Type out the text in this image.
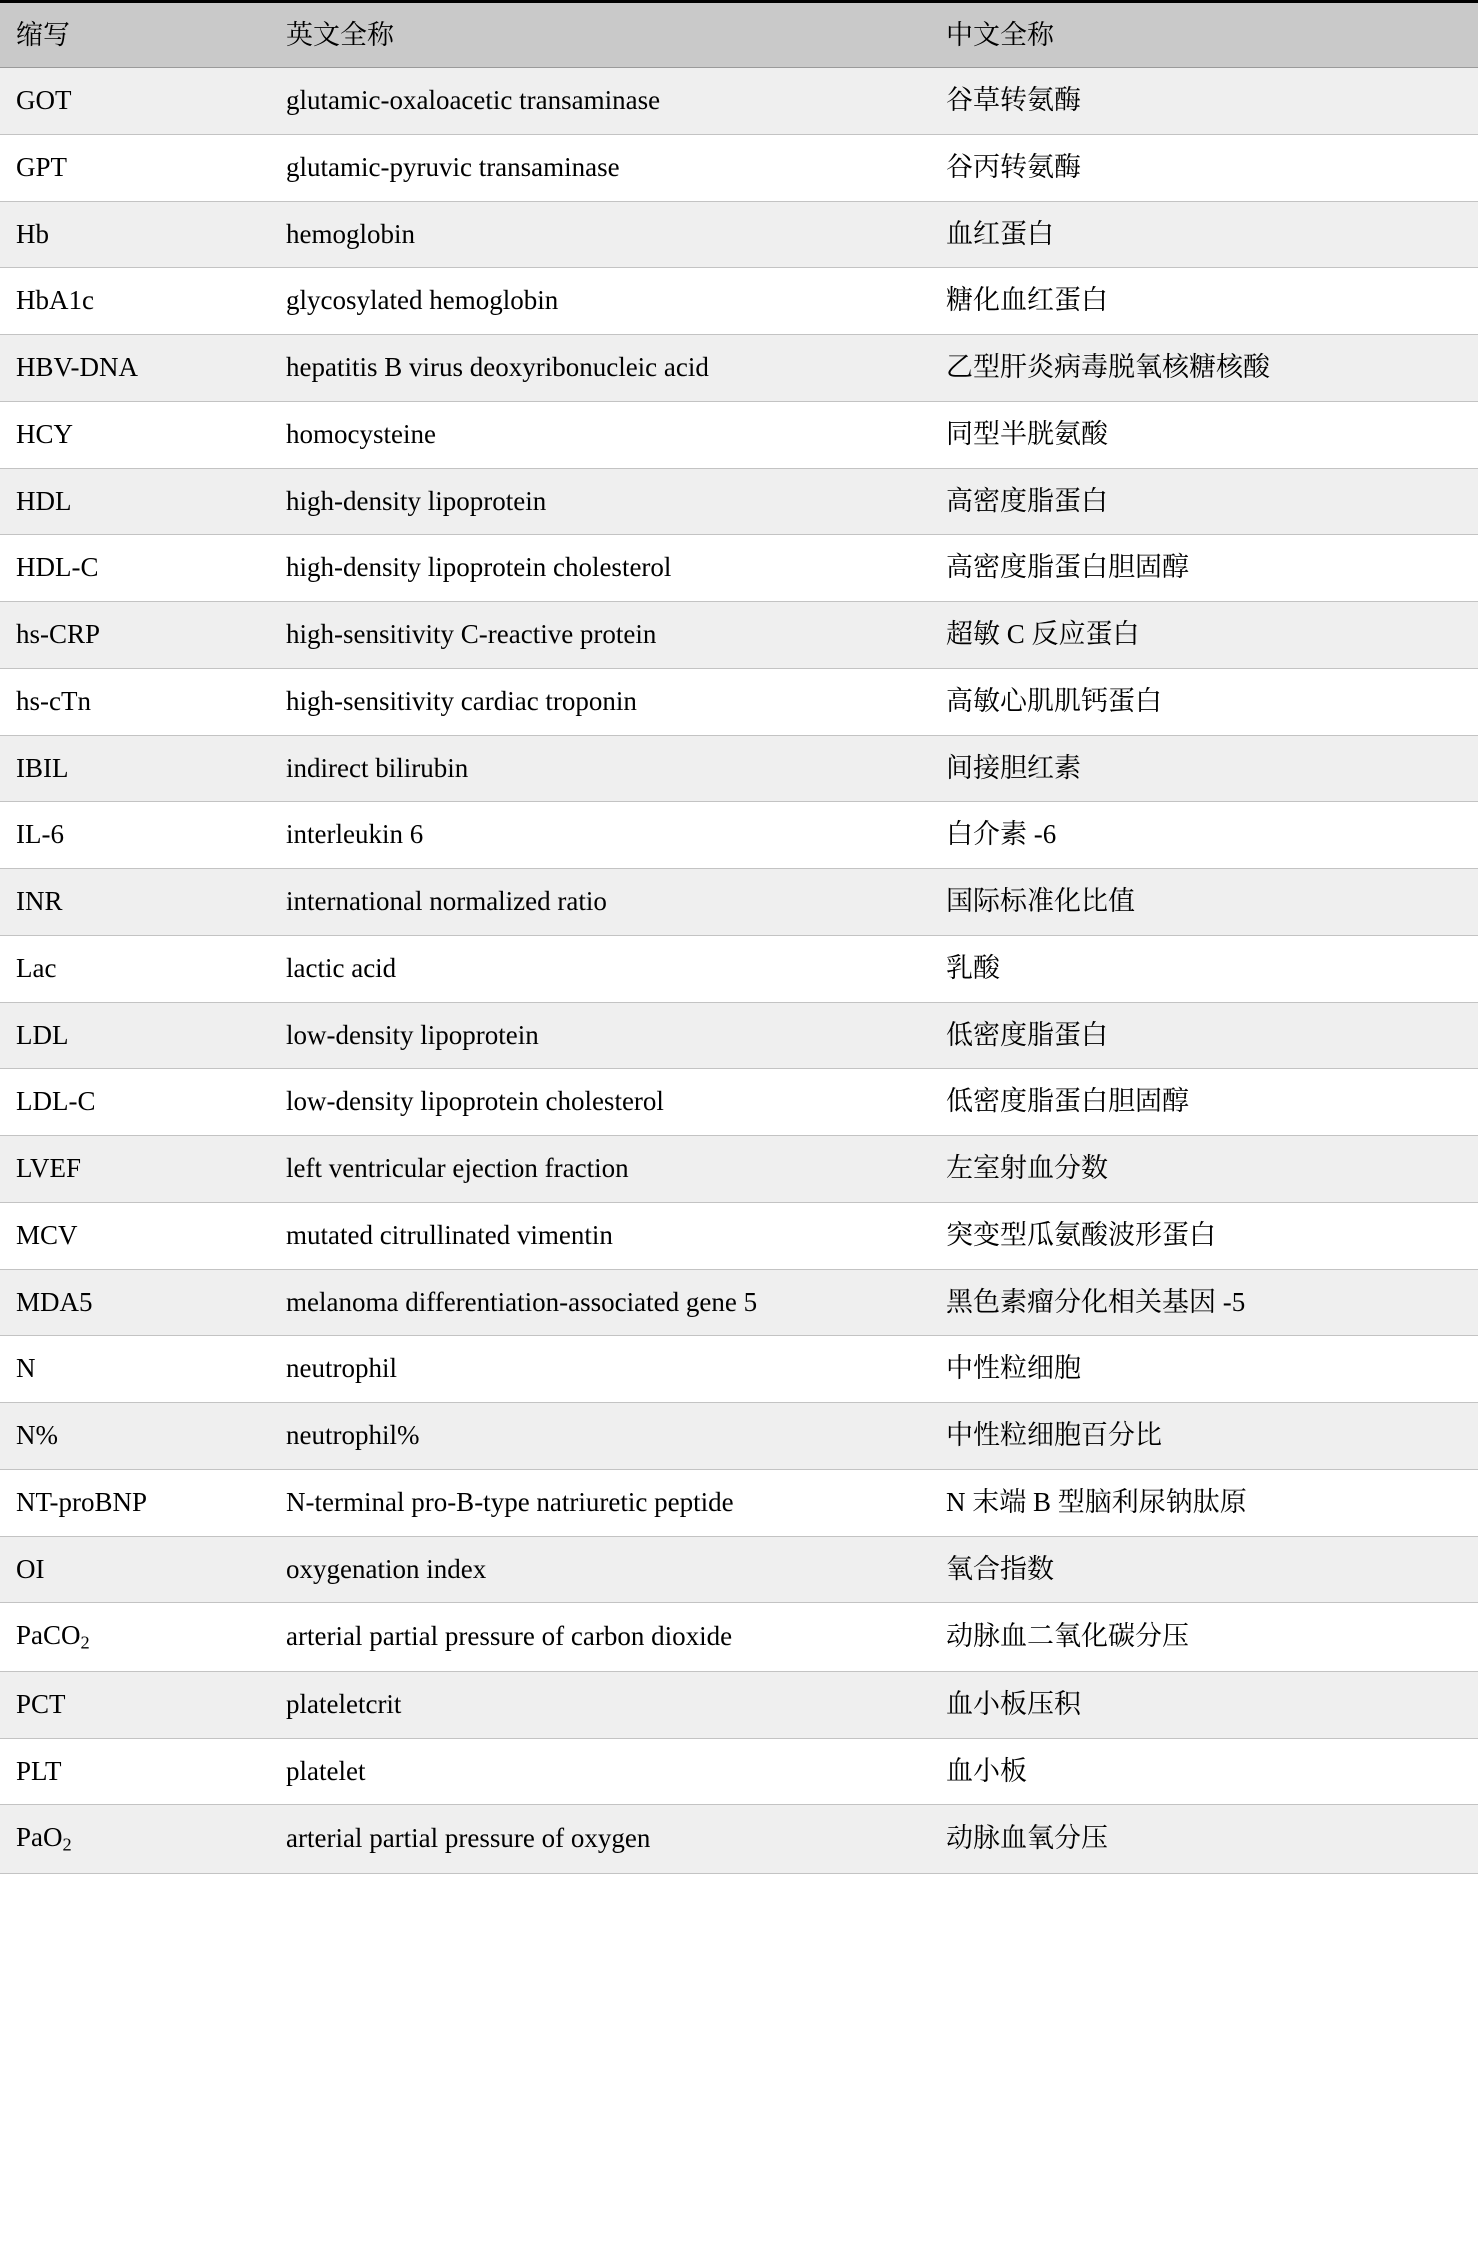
缩写	英文全称	中文全称
GOT	glutamic-oxaloacetic transaminase	谷草转氨酶
GPT	glutamic-pyruvic transaminase	谷丙转氨酶
Hb	hemoglobin	血红蛋白
HbA1c	glycosylated hemoglobin	糖化血红蛋白
HBV-DNA	hepatitis B virus deoxyribonucleic acid	乙型肝炎病毒脱氧核糖核酸
HCY	homocysteine	同型半胱氨酸
HDL	high-density lipoprotein	高密度脂蛋白
HDL-C	high-density lipoprotein cholesterol	高密度脂蛋白胆固醇
hs-CRP	high-sensitivity C-reactive protein	超敏 C 反应蛋白
hs-cTn	high-sensitivity cardiac troponin	高敏心肌肌钙蛋白
IBIL	indirect bilirubin	间接胆红素
IL-6	interleukin 6	白介素 -6
INR	international normalized ratio	国际标准化比值
Lac	lactic acid	乳酸
LDL	low-density lipoprotein	低密度脂蛋白
LDL-C	low-density lipoprotein cholesterol	低密度脂蛋白胆固醇
LVEF	left ventricular ejection fraction	左室射血分数
MCV	mutated citrullinated vimentin	突变型瓜氨酸波形蛋白
MDA5	melanoma differentiation-associated gene 5	黑色素瘤分化相关基因 -5
N	neutrophil	中性粒细胞
N%	neutrophil%	中性粒细胞百分比
NT-proBNP	N-terminal pro-B-type natriuretic peptide	N 末端 B 型脑利尿钠肽原
OI	oxygenation index	氧合指数
PaCO$_2$	arterial partial pressure of carbon dioxide	动脉血二氧化碳分压
PCT	plateletcrit	血小板压积
PLT	platelet	血小板
PaO$_2$	arterial partial pressure of oxygen	动脉血氧分压
